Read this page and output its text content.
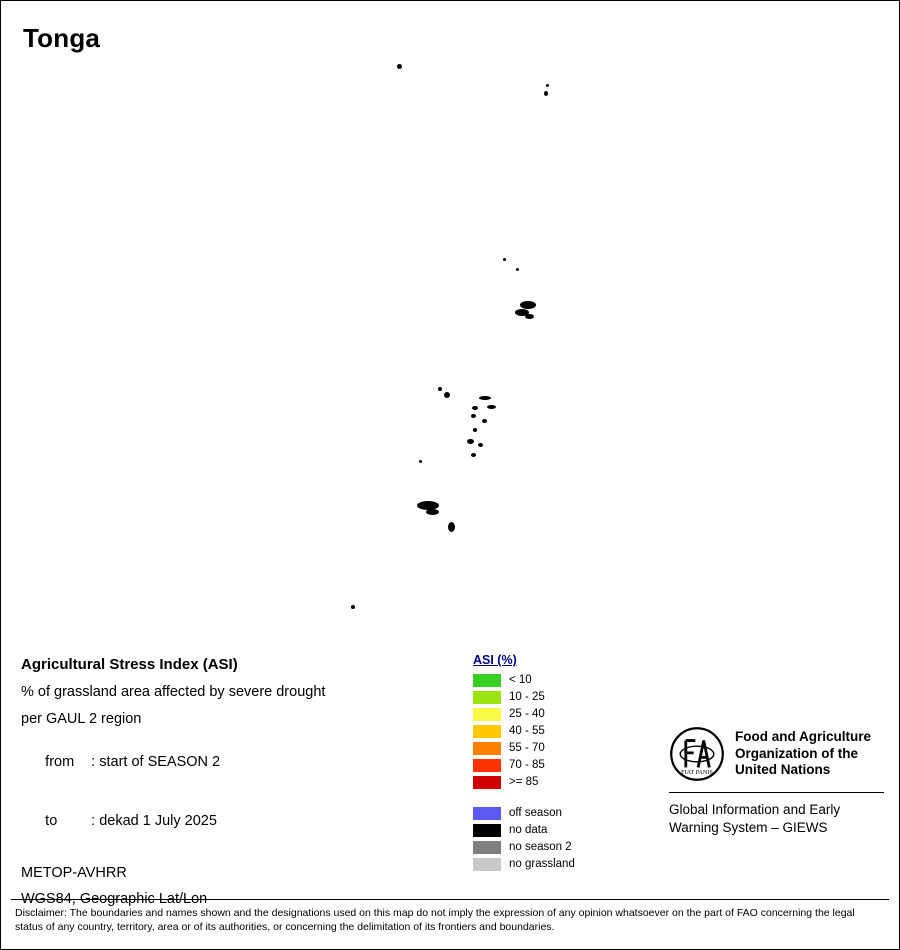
Tonga
Agricultural Stress Index (ASI)
% of grassland area affected by severe drought
per GAUL 2 region

from : start of SEASON 2

to : dekad 1 July 2025

METOP-AVHRR
WGS84, Geographic Lat/Lon
ASI (%)
< 10
10 - 25
25 - 40
40 - 55
55 - 70
70 - 85
>= 85
off season
no data
no season 2
no grassland
FIAT PANIS
Food and Agriculture
Organization of the
United Nations
Global Information and Early
Warning System – GIEWS
Disclaimer: The boundaries and names shown and the designations used on this map do not imply the expression of any opinion whatsoever on the part of FAO concerning the legal status of any country, territory, area or of its authorities, or concerning the delimitation of its frontiers and boundaries.
